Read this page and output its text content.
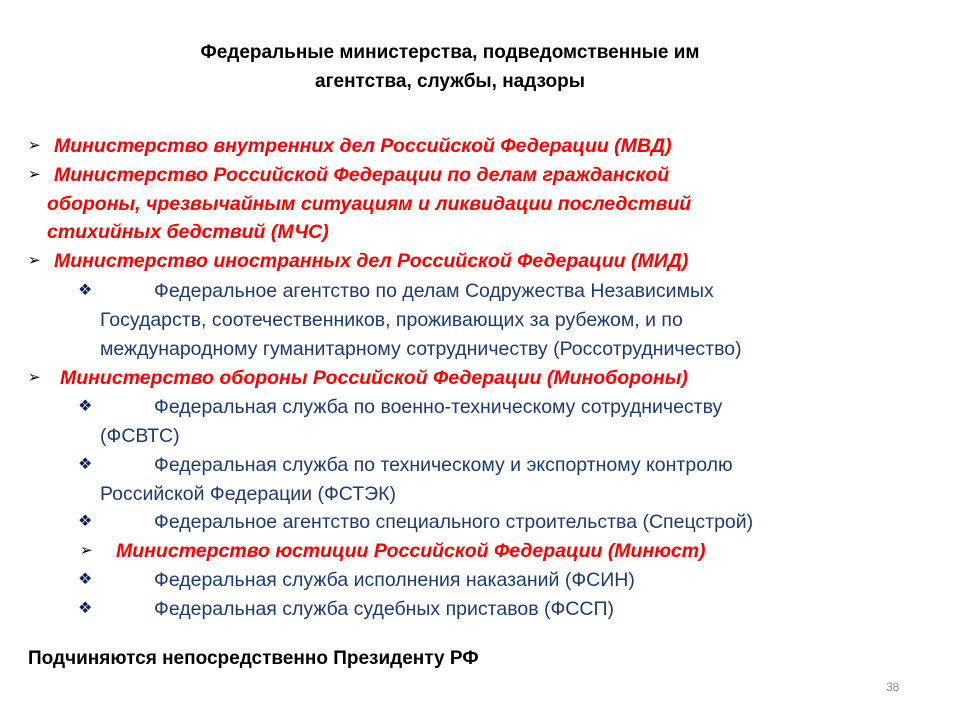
Федеральные министерства, подведомственные им
агентства, службы, надзоры
➢ Министерство внутренних дел Российской Федерации (МВД)
➢ Министерство Российской Федерации по делам гражданской
обороны, чрезвычайным ситуациям и ликвидации последствий
стихийных бедствий (МЧС)
➢ Министерство иностранных дел Российской Федерации (МИД)
❖	Федеральное агентство по делам Содружества Независимых
Государств, соотечественников, проживающих за рубежом, и по
международному гуманитарному сотрудничеству (Россотрудничество)
➢ Министерство обороны Российской Федерации (Минобороны)
❖	Федеральная служба по военно-техническому сотрудничеству
(ФСВТС)
❖	Федеральная служба по техническому и экспортному контролю
Российской Федерации (ФСТЭК)
❖	Федеральное агентство специального строительства (Спецстрой)
➢ Министерство юстиции Российской Федерации (Минюст)
❖	Федеральная служба исполнения наказаний (ФСИН)
❖	Федеральная служба судебных приставов (ФССП)
Подчиняются непосредственно Президенту РФ
38
